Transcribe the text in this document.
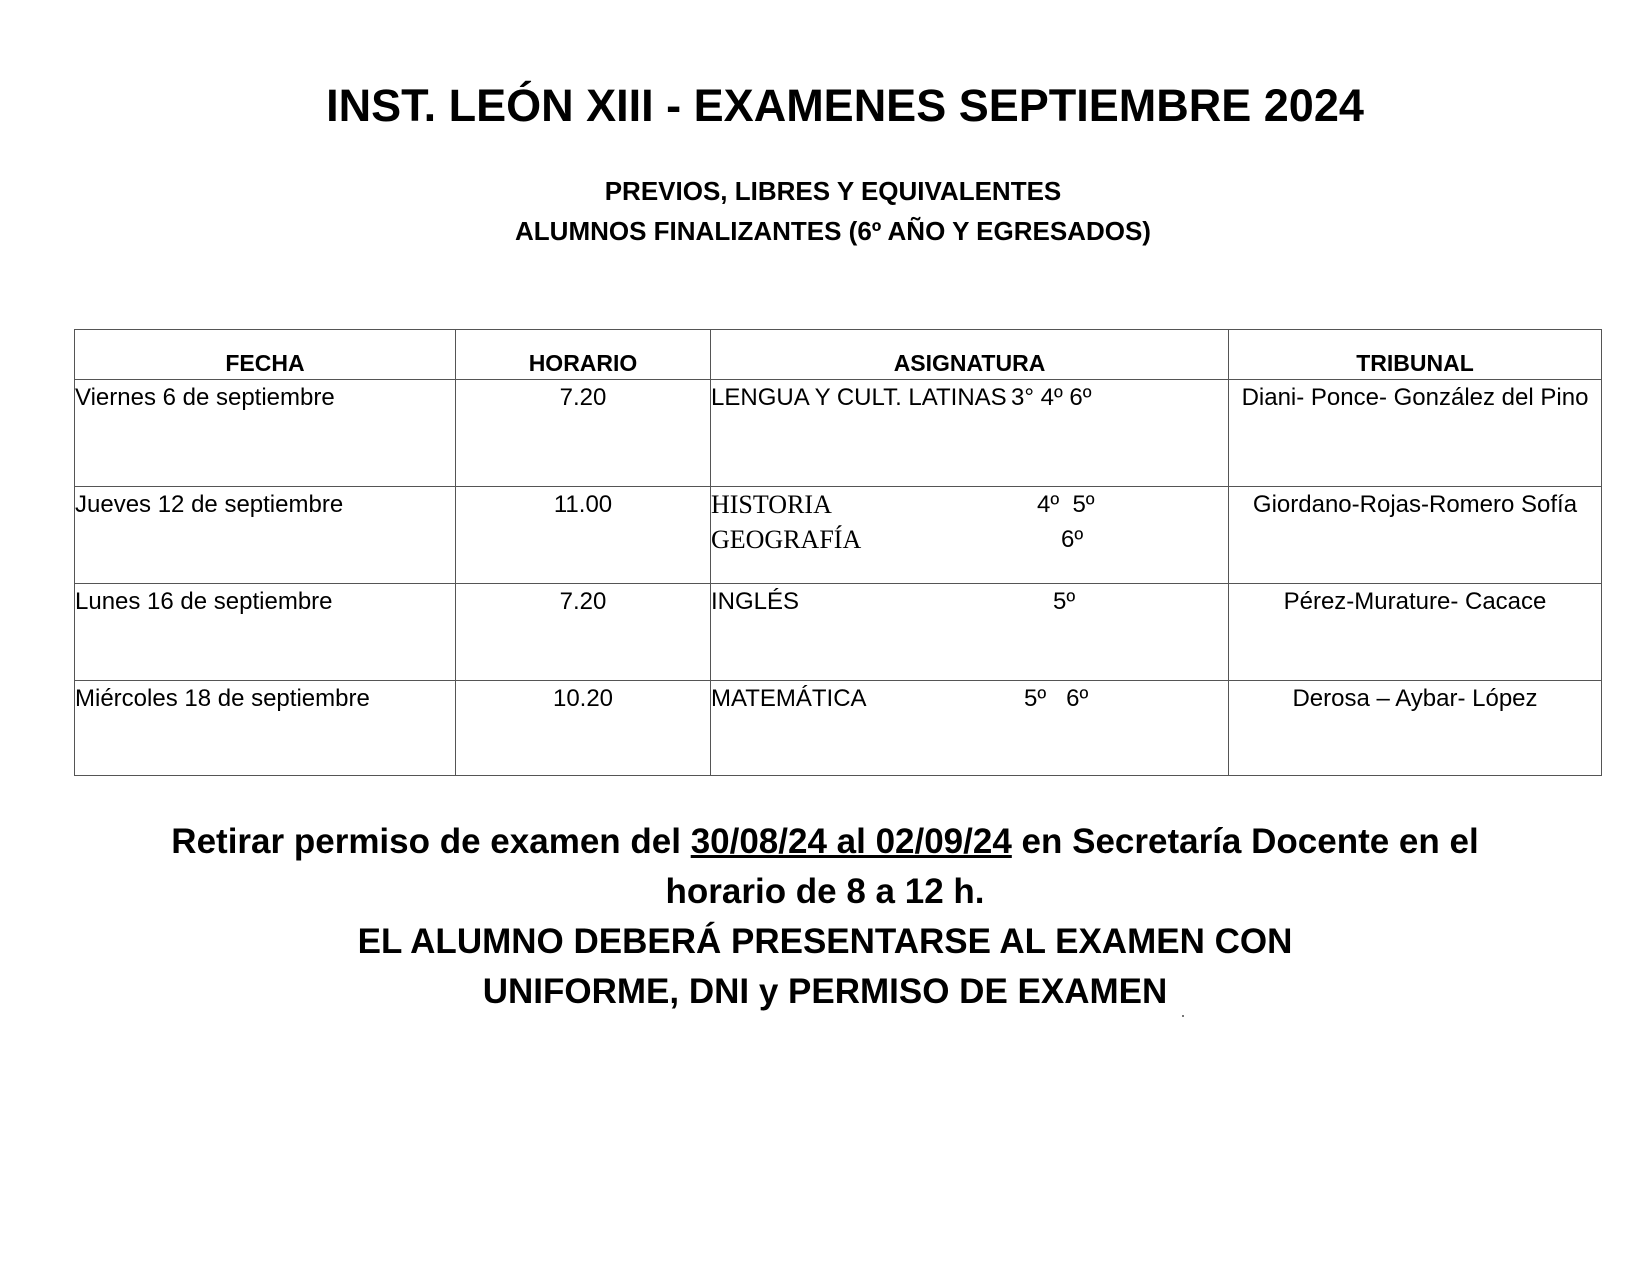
INST. LEÓN XIII - EXAMENES SEPTIEMBRE 2024
PREVIOS, LIBRES Y EQUIVALENTES
ALUMNOS FINALIZANTES (6º AÑO Y EGRESADOS)
FECHA	HORARIO	ASIGNATURA	TRIBUNAL
Viernes 6 de septiembre	7.20	LENGUA Y CULT. LATINAS 3° 4º 6º	Diani- Ponce- González del Pino
Jueves 12 de septiembre	11.00	HISTORIA 4º  5º
GEOGRAFÍA 6º	Giordano-Rojas-Romero Sofía
Lunes 16 de septiembre	7.20	INGLÉS 5º	Pérez-Murature- Cacace
Miércoles 18 de septiembre	10.20	MATEMÁTICA 5º   6º	Derosa – Aybar- López
Retirar permiso de examen del 30/08/24 al 02/09/24 en Secretaría Docente en el
horario de 8 a 12 h.
EL ALUMNO DEBERÁ PRESENTARSE AL EXAMEN CON
UNIFORME, DNI y PERMISO DE EXAMEN
